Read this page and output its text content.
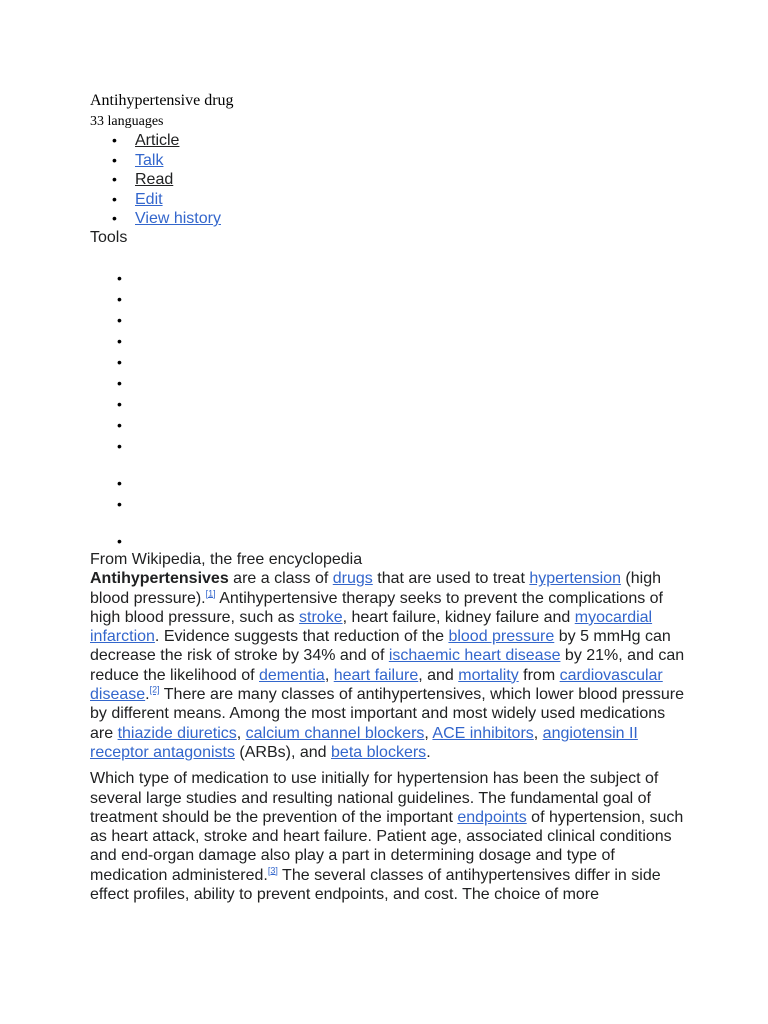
Antihypertensive drug
33 languages
• Article
• Talk
• Read
• Edit
• View history
Tools
•
•
•
•
•
•
•
•
•
•
•
•
From Wikipedia, the free encyclopedia

Antihypertensives are a class of drugs that are used to treat hypertension (high blood pressure).[1] Antihypertensive therapy seeks to prevent the complications of high blood pressure, such as stroke, heart failure, kidney failure and myocardial infarction. Evidence suggests that reduction of the blood pressure by 5 mmHg can decrease the risk of stroke by 34% and of ischaemic heart disease by 21%, and can reduce the likelihood of dementia, heart failure, and mortality from cardiovascular disease.[2] There are many classes of antihypertensives, which lower blood pressure by different means. Among the most important and most widely used medications are thiazide diuretics, calcium channel blockers, ACE inhibitors, angiotensin II receptor antagonists (ARBs), and beta blockers.

Which type of medication to use initially for hypertension has been the subject of several large studies and resulting national guidelines. The fundamental goal of treatment should be the prevention of the important endpoints of hypertension, such as heart attack, stroke and heart failure. Patient age, associated clinical conditions and end-organ damage also play a part in determining dosage and type of medication administered.[3] The several classes of antihypertensives differ in side effect profiles, ability to prevent endpoints, and cost. The choice of more
